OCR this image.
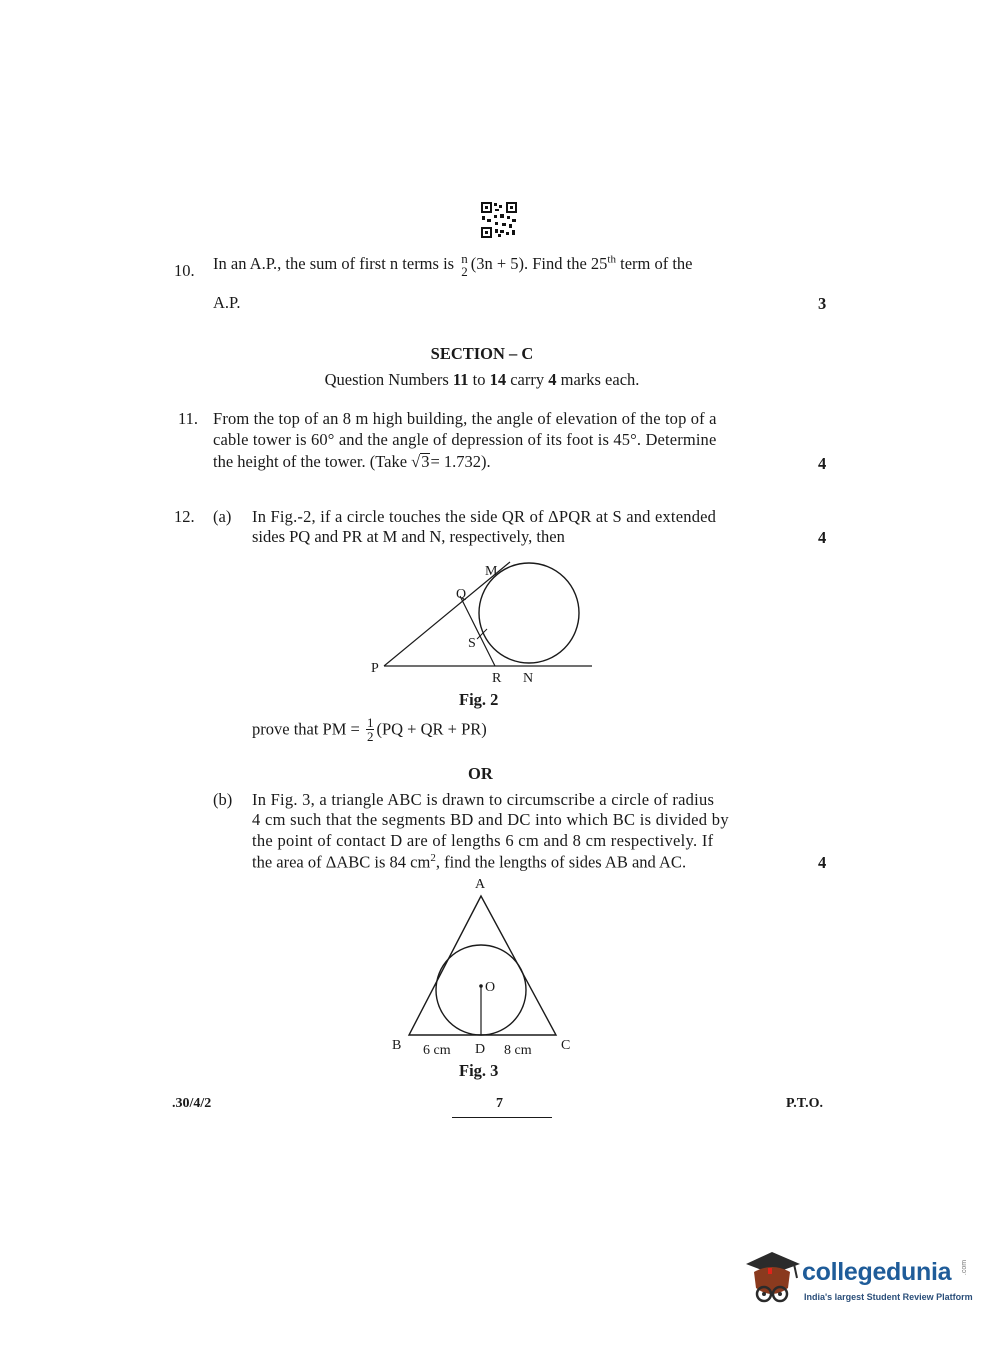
10. In an A.P., the sum of first n terms is n
2 (3n + 5). Find the 25th term of the
A.P.	3
SECTION – C
Question Numbers 11 to 14 carry 4 marks each.
11. From the top of an 8 m high building, the angle of elevation of the top of a
cable tower is 60° and the angle of depression of its foot is 45°. Determine
the height of the tower. (Take √3= 1.732).	4
12. (a) In Fig.-2, if a circle touches the side QR of ΔPQR at S and extended
sides PQ and PR at M and N, respectively, then	4
P
Q
M
S
R N
Fig. 2
prove that PM = $\frac{1}{2} (PQ$ + QR + PR)
OR
(b) In Fig. 3, a triangle ABC is drawn to circumscribe a circle of radius
4 cm such that the segments BD and DC into which BC is divided by
the point of contact D are of lengths 6 cm and 8 cm respectively. If
the area of ΔABC is 84 $cm^2$, find the lengths of sides AB and AC.	4
A
O
B	C
6 cm D 8 cm
Fig. 3
.30/4/2	7	P.T.O.
collegedunia .com
India's largest Student Review Platform
